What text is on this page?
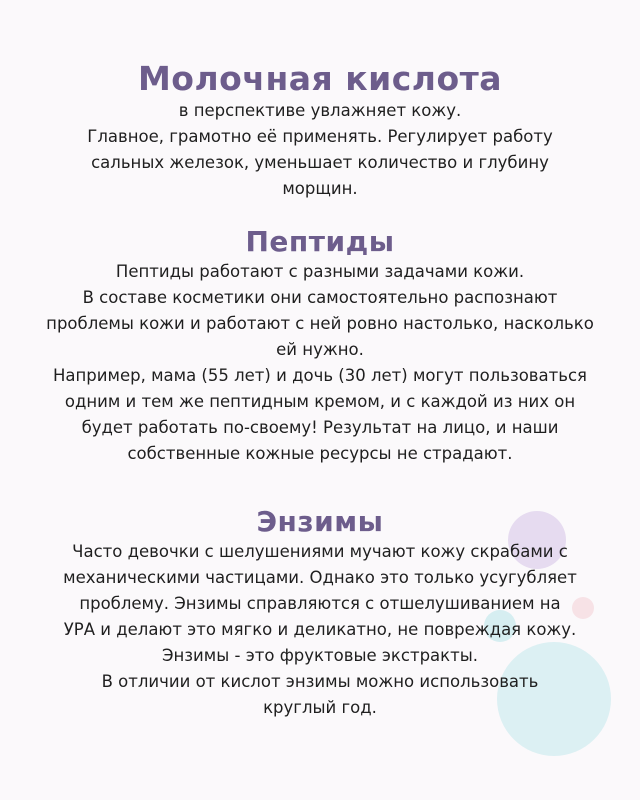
Молочная кислота

в перспективе увлажняет кожу.
Главное, грамотно её применять. Регулирует работу
сальных железок, уменьшает количество и глубину
морщин.

Пептиды

Пептиды работают с разными задачами кожи.
В составе косметики они самостоятельно распознают
проблемы кожи и работают с ней ровно настолько, насколько
ей нужно.
Например, мама (55 лет) и дочь (30 лет) могут пользоваться
одним и тем же пептидным кремом, и с каждой из них он
будет работать по-своему! Результат на лицо, и наши
собственные кожные ресурсы не страдают.

Энзимы

Часто девочки с шелушениями мучают кожу скрабами с
механическими частицами. Однако это только усугубляет
проблему. Энзимы справляются с отшелушиванием на
УРА и делают это мягко и деликатно, не повреждая кожу.
Энзимы - это фруктовые экстракты.
В отличии от кислот энзимы можно использовать
круглый год.
